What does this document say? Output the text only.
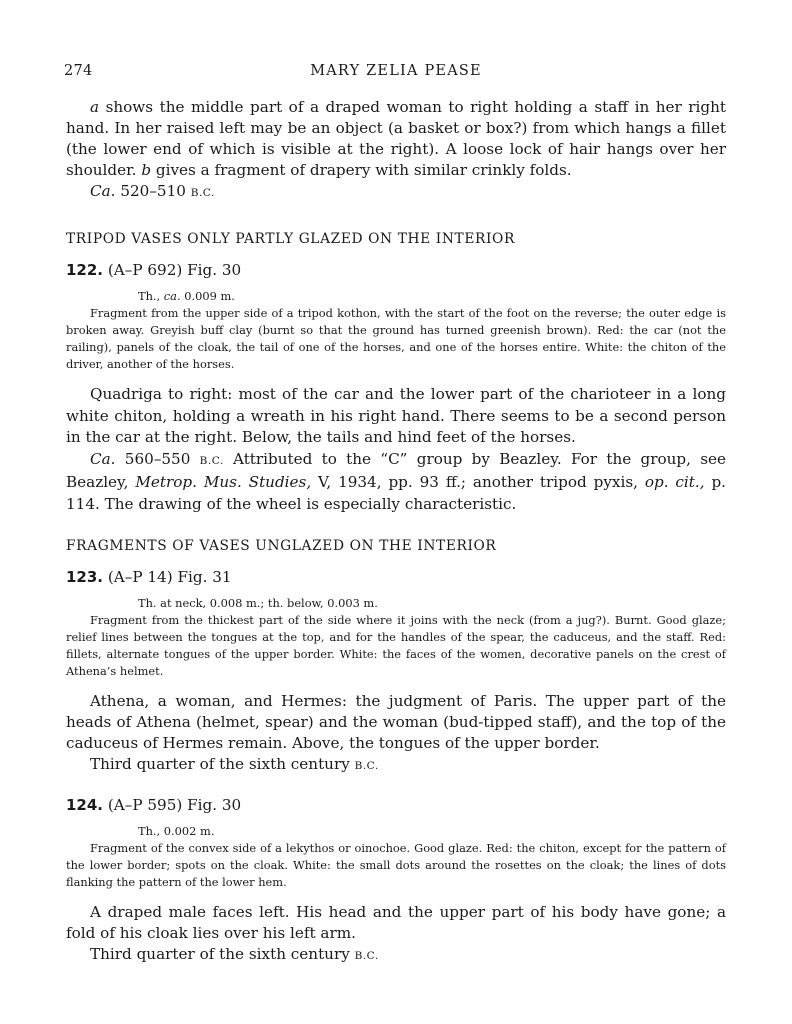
274	MARY ZELIA PEASE

a shows the middle part of a draped woman to right holding a staff in her right hand. In her raised left may be an object (a basket or box?) from which hangs a fillet (the lower end of which is visible at the right). A loose lock of hair hangs over her shoulder. b gives a fragment of drapery with similar crinkly folds.

Ca. 520–510 B.C.

TRIPOD VASES ONLY PARTLY GLAZED ON THE INTERIOR

122. (A–P 692) Fig. 30

Th., ca. 0.009 m.

Fragment from the upper side of a tripod kothon, with the start of the foot on the reverse; the outer edge is broken away. Greyish buff clay (burnt so that the ground has turned greenish brown). Red: the car (not the railing), panels of the cloak, the tail of one of the horses, and one of the horses entire. White: the chiton of the driver, another of the horses.

Quadriga to right: most of the car and the lower part of the charioteer in a long white chiton, holding a wreath in his right hand. There seems to be a second person in the car at the right. Below, the tails and hind feet of the horses.

Ca. 560–550 B.C. Attributed to the “C” group by Beazley. For the group, see Beazley, Metrop. Mus. Studies, V, 1934, pp. 93 ff.; another tripod pyxis, op. cit., p. 114. The drawing of the wheel is especially characteristic.

FRAGMENTS OF VASES UNGLAZED ON THE INTERIOR

123. (A–P 14) Fig. 31

Th. at neck, 0.008 m.; th. below, 0.003 m.

Fragment from the thickest part of the side where it joins with the neck (from a jug?). Burnt. Good glaze; relief lines between the tongues at the top, and for the handles of the spear, the caduceus, and the staff. Red: fillets, alternate tongues of the upper border. White: the faces of the women, decorative panels on the crest of Athena’s helmet.

Athena, a woman, and Hermes: the judgment of Paris. The upper part of the heads of Athena (helmet, spear) and the woman (bud-tipped staff), and the top of the caduceus of Hermes remain. Above, the tongues of the upper border.

Third quarter of the sixth century B.C.

124. (A–P 595) Fig. 30

Th., 0.002 m.

Fragment of the convex side of a lekythos or oinochoe. Good glaze. Red: the chiton, except for the pattern of the lower border; spots on the cloak. White: the small dots around the rosettes on the cloak; the lines of dots flanking the pattern of the lower hem.

A draped male faces left. His head and the upper part of his body have gone; a fold of his cloak lies over his left arm.

Third quarter of the sixth century B.C.
